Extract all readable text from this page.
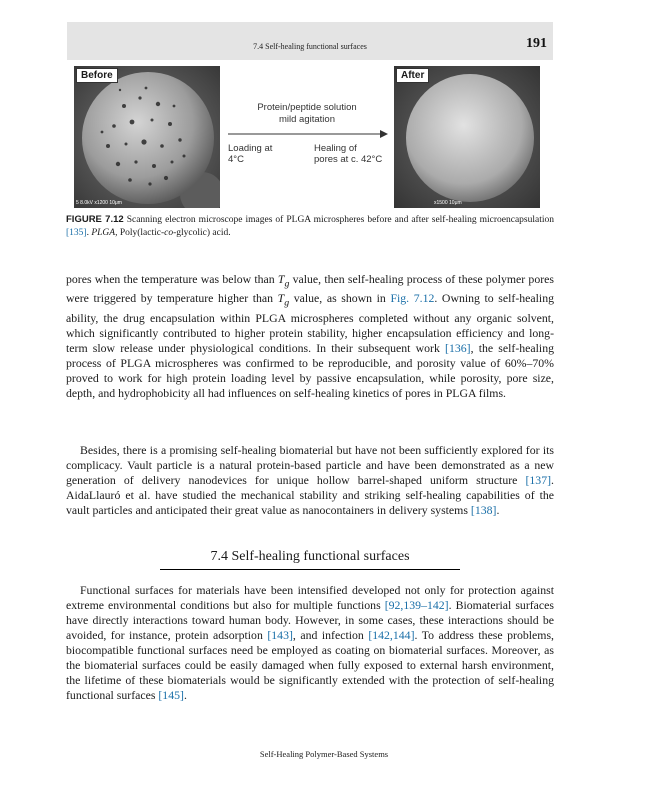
7.4 Self-healing functional surfaces	191
Before
5 8.0kV x1200 10μm
Protein/peptide solution
mild agitation
Loading at
4°C
Healing of
pores at c. 42°C
After
x1500 10μm
FIGURE 7.12 Scanning electron microscope images of PLGA microspheres before and after self-healing microencapsulation [135]. PLGA, Poly(lactic-co-glycolic) acid.

pores when the temperature was below than $T_g$ value, then self-healing process of these polymer pores were triggered by temperature higher than $T_g$ value, as shown in Fig. 7.12. Owning to self-healing ability, the drug encapsulation within PLGA microspheres completed without any organic solvent, which significantly contributed to higher protein stability, higher encapsulation efficiency and long-term slow release under physiological conditions. In their subsequent work [136], the self-healing process of PLGA microspheres was confirmed to be reproducible, and porosity value of 60%–70% proved to work for high protein loading level by passive encapsulation, while porosity, pore size, depth, and hydrophobicity all had influences on self-healing kinetics of pores in PLGA films.

Besides, there is a promising self-healing biomaterial but have not been sufficiently explored for its complicacy. Vault particle is a natural protein-based particle and have been demonstrated as a new generation of delivery nanodevices for unique hollow barrel-shaped uniform structure [137]. AidaLlauró et al. have studied the mechanical stability and striking self-healing capabilities of the vault particles and anticipated their great value as nanocontainers in delivery systems [138].

7.4 Self-healing functional surfaces

Functional surfaces for materials have been intensified developed not only for protection against extreme environmental conditions but also for multiple functions [92,139–142]. Biomaterial surfaces have directly interactions toward human body. However, in some cases, these interactions should be avoided, for instance, protein adsorption [143], and infection [142,144]. To address these problems, biocompatible functional surfaces need be employed as coating on biomaterial surfaces. Moreover, as the biomaterial surfaces could be easily damaged when fully exposed to external harsh environment, the lifetime of these biomaterials would be significantly extended with the protection of self-healing functional surfaces [145].

Self-Healing Polymer-Based Systems
